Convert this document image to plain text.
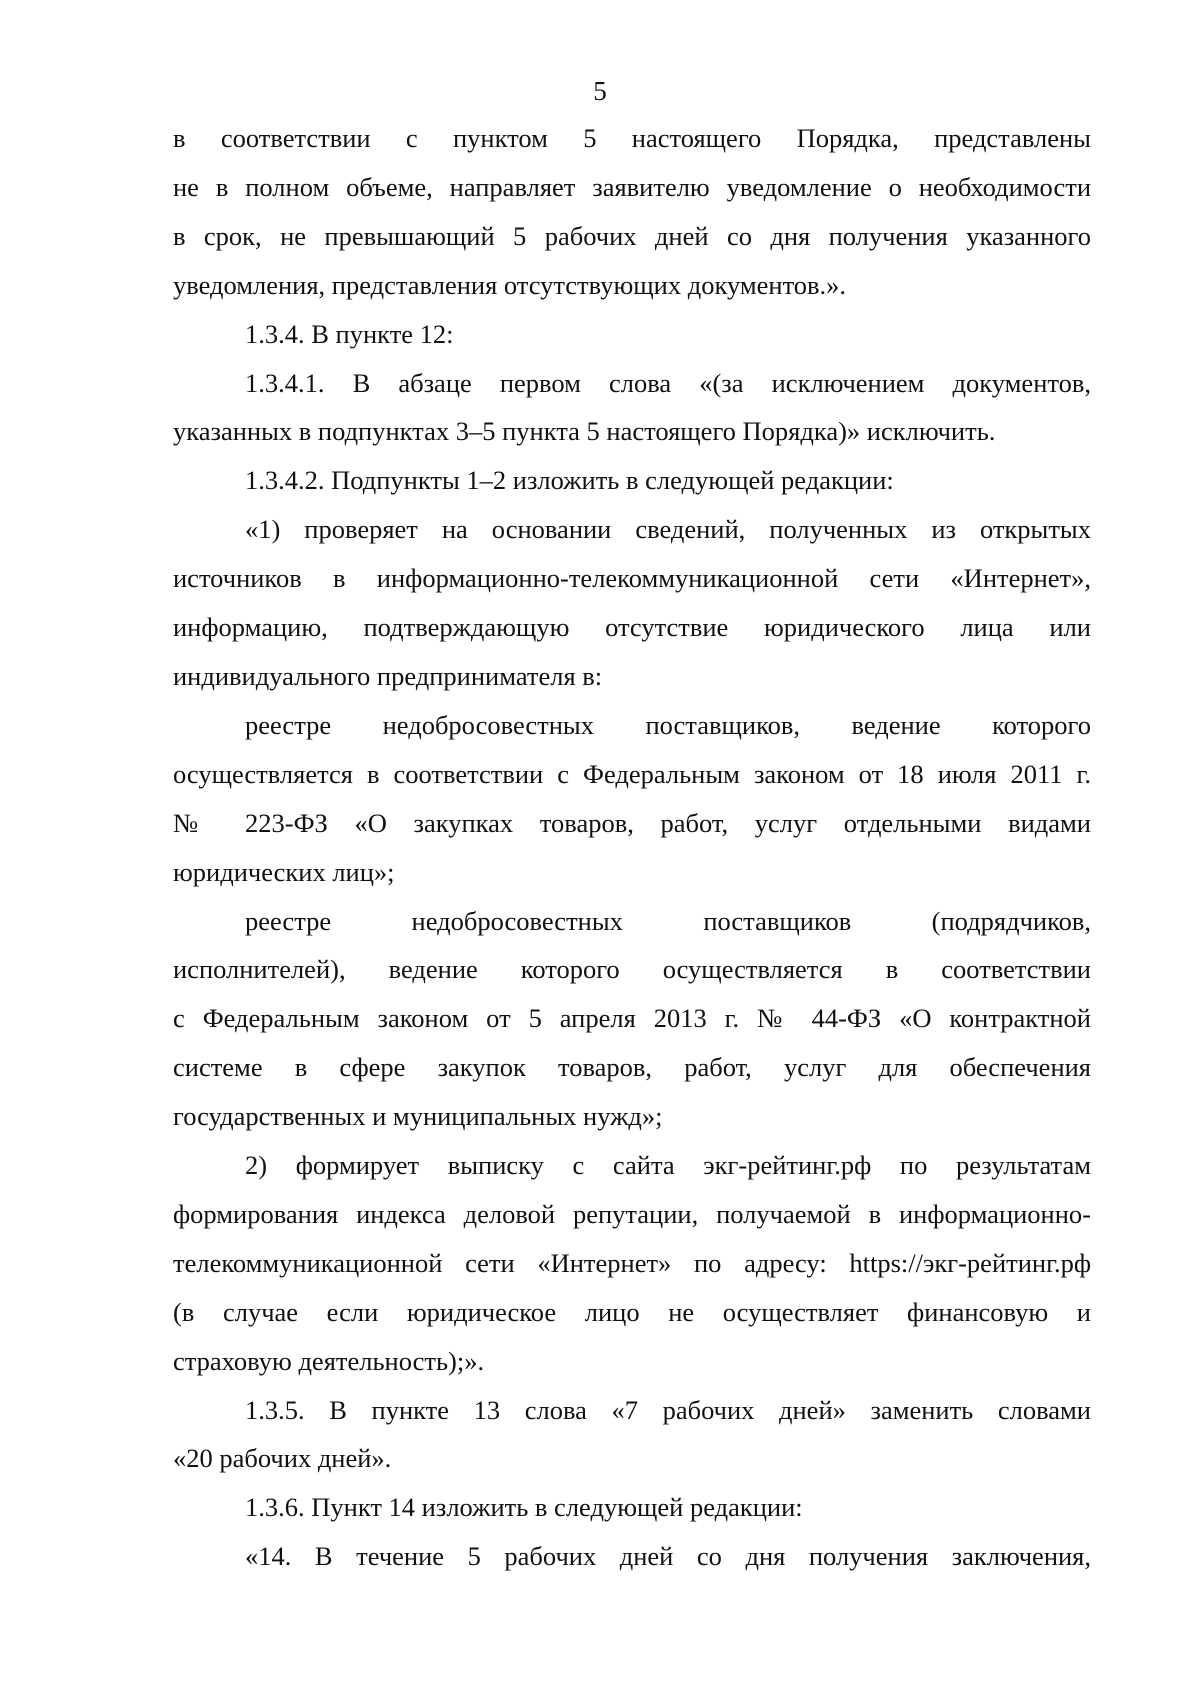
5
в соответствии с пунктом 5 настоящего Порядка, представлены
не в полном объеме, направляет заявителю уведомление о необходимости
в срок, не превышающий 5 рабочих дней со дня получения указанного
уведомления, представления отсутствующих документов.».
1.3.4. В пункте 12:
1.3.4.1. В абзаце первом слова «(за исключением документов,
указанных в подпунктах 3–5 пункта 5 настоящего Порядка)» исключить.
1.3.4.2. Подпункты 1–2 изложить в следующей редакции:
«1) проверяет на основании сведений, полученных из открытых
источников в информационно-телекоммуникационной сети «Интернет»,
информацию, подтверждающую отсутствие юридического лица или
индивидуального предпринимателя в:
реестре недобросовестных поставщиков, ведение которого
осуществляется в соответствии с Федеральным законом от 18 июля 2011 г.
№ 223-ФЗ «О закупках товаров, работ, услуг отдельными видами
юридических лиц»;
реестре недобросовестных поставщиков (подрядчиков,
исполнителей), ведение которого осуществляется в соответствии
с Федеральным законом от 5 апреля 2013 г. № 44-ФЗ «О контрактной
системе в сфере закупок товаров, работ, услуг для обеспечения
государственных и муниципальных нужд»;
2) формирует выписку с сайта экг-рейтинг.рф по результатам
формирования индекса деловой репутации, получаемой в информационно-
телекоммуникационной сети «Интернет» по адресу: https://экг-рейтинг.рф
(в случае если юридическое лицо не осуществляет финансовую и
страховую деятельность);».
1.3.5. В пункте 13 слова «7 рабочих дней» заменить словами
«20 рабочих дней».
1.3.6. Пункт 14 изложить в следующей редакции:
«14. В течение 5 рабочих дней со дня получения заключения,
